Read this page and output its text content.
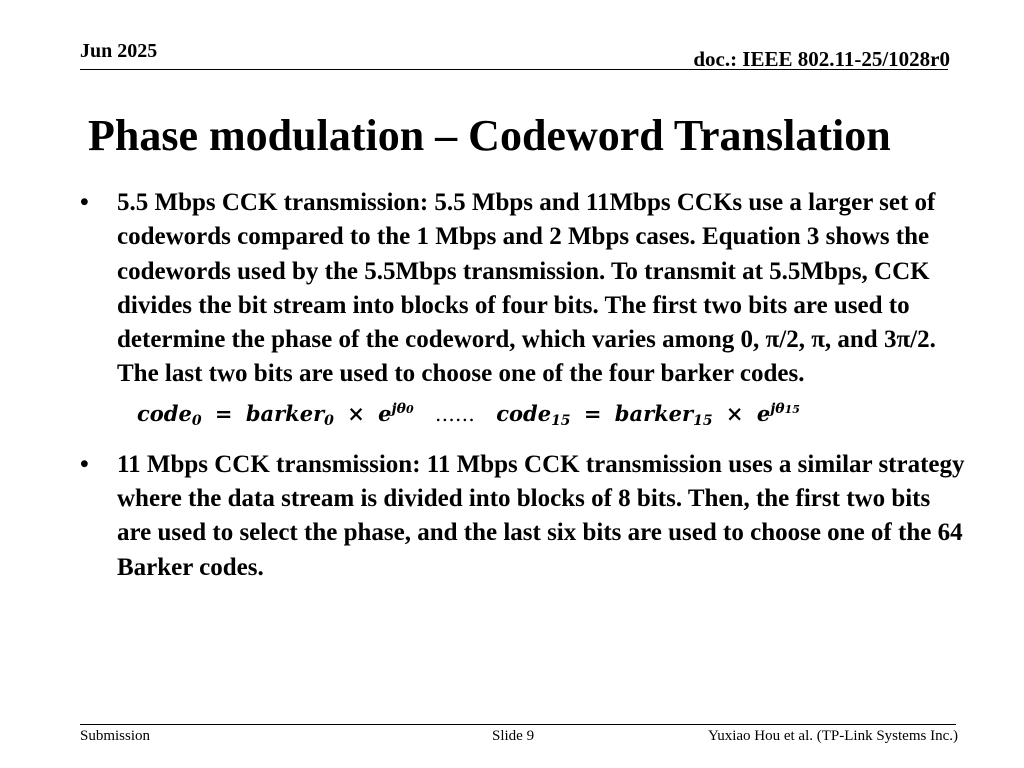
Jun 2025	doc.: IEEE 802.11-25/1028r0
Phase modulation – Codeword Translation
• 5.5 Mbps CCK transmission: 5.5 Mbps and 11Mbps CCKs use a larger set of codewords compared to the 1 Mbps and 2 Mbps cases. Equation 3 shows the codewords used by the 5.5Mbps transmission. To transmit at 5.5Mbps, CCK divides the bit stream into blocks of four bits. The first two bits are used to determine the phase of the codeword, which varies among 0, π/2, π, and 3π/2. The last two bits are used to choose one of the four barker codes.
code$_0$ = barker$_0$ × $e^{j\theta 0}$ …… code$_{15}$ = barker$_{15}$ × $e^{j\theta 15}$
• 11 Mbps CCK transmission: 11 Mbps CCK transmission uses a similar strategy where the data stream is divided into blocks of 8 bits. Then, the first two bits are used to select the phase, and the last six bits are used to choose one of the 64 Barker codes.
Submission	Slide 9	Yuxiao Hou et al. (TP-Link Systems Inc.)
